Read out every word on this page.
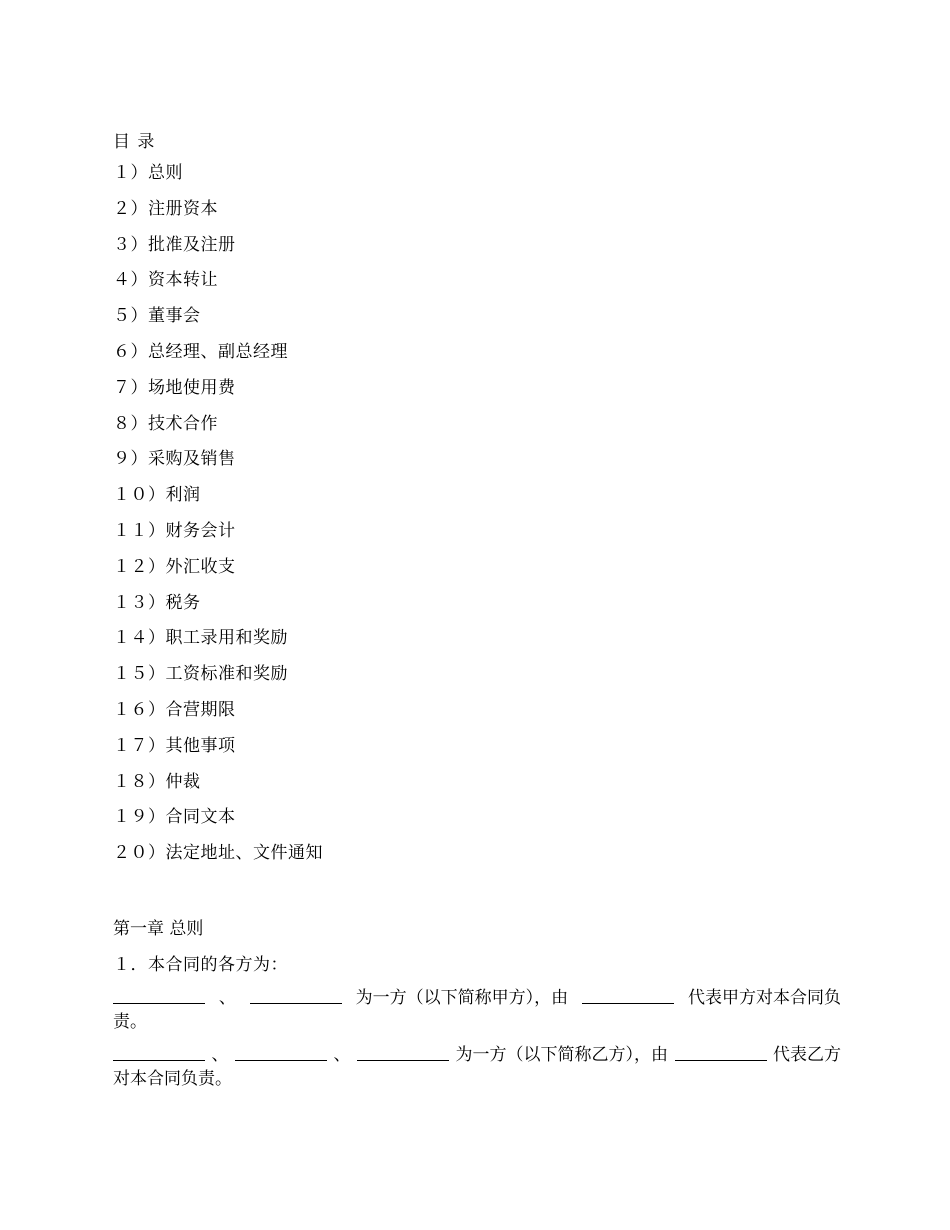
目 录
１）总则
２）注册资本
３）批准及注册
４）资本转让
５）董事会
６）总经理、副总经理
７）场地使用费
８）技术合作
９）采购及销售
１０）利润
１１）财务会计
１２）外汇收支
１３）税务
１４）职工录用和奖励
１５）工资标准和奖励
１６）合营期限
１７）其他事项
１８）仲裁
１９）合同文本
２０）法定地址、文件通知
第一章 总则
１．本合同的各方为：
、	为一方（以下简称甲方），由	代表甲方对本合同负
责。
、	、	为一方（以下简称乙方），由	代表乙方
对本合同负责。
